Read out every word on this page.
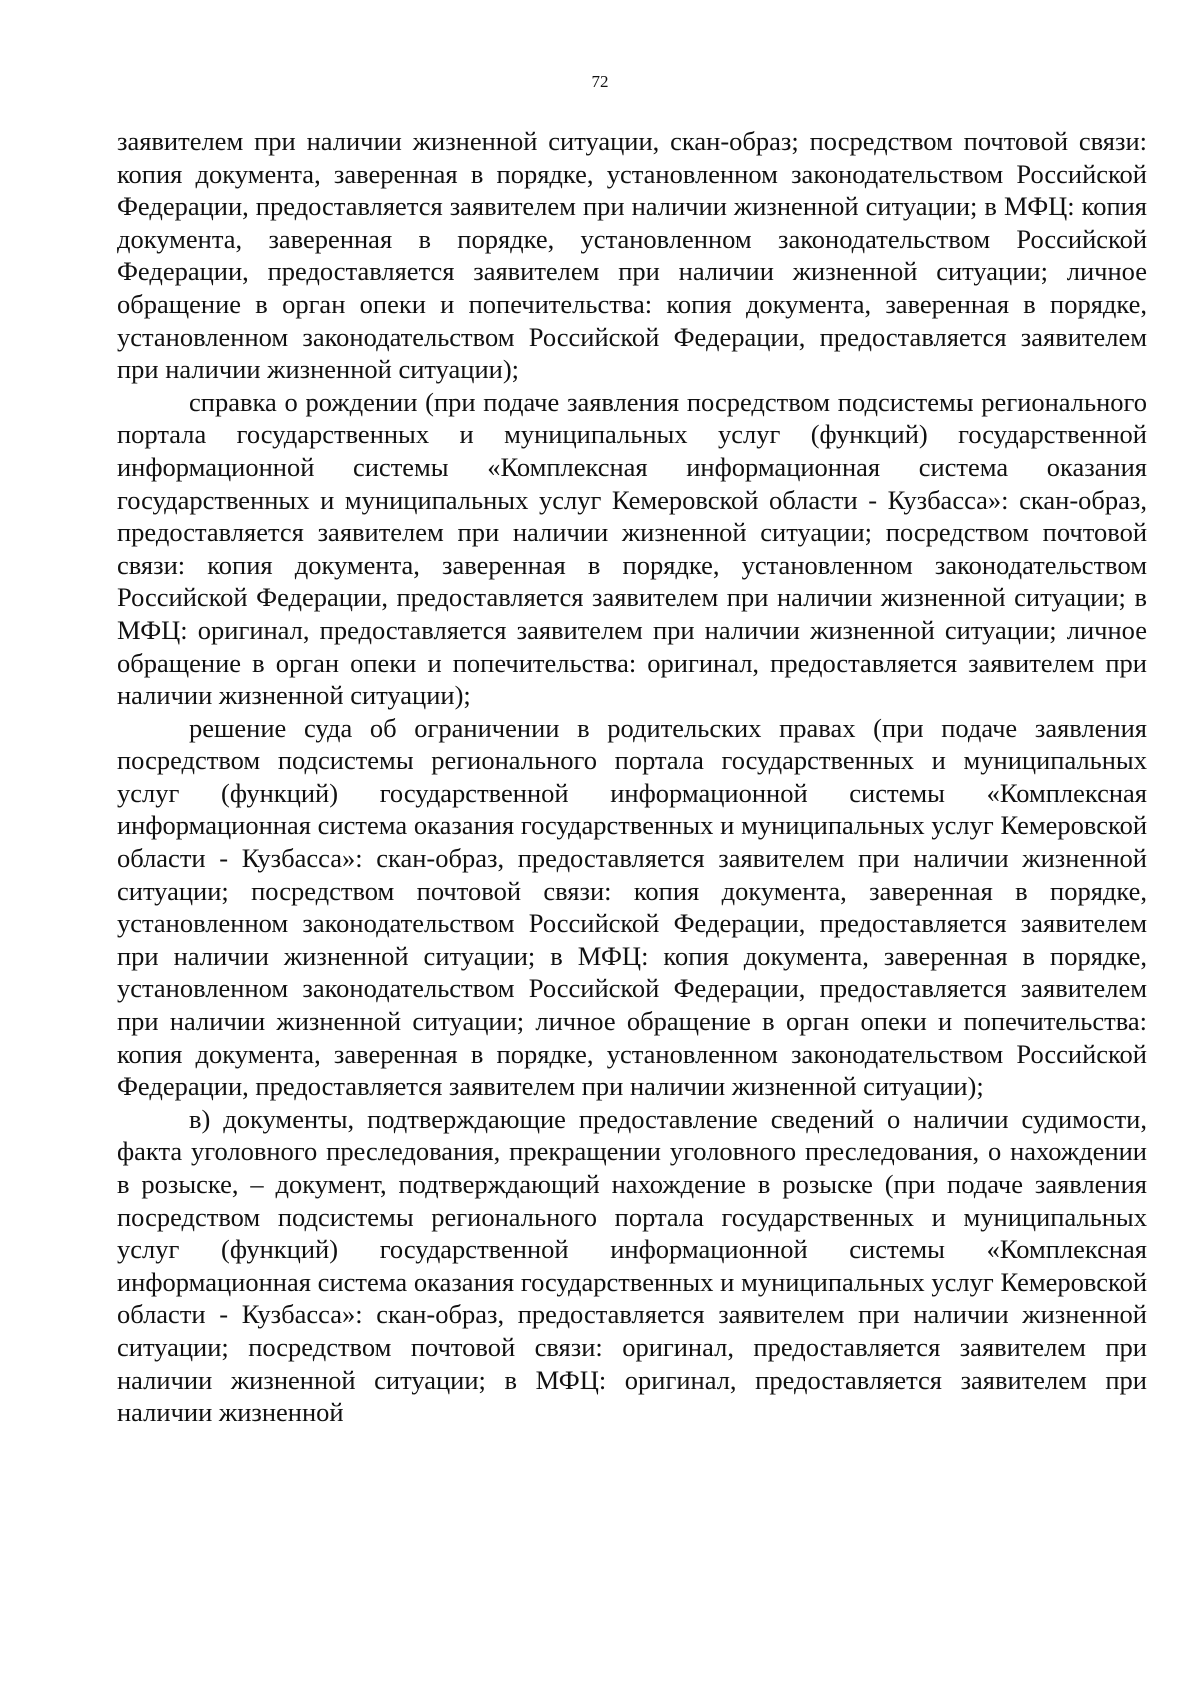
72

заявителем при наличии жизненной ситуации, скан-образ; посредством почтовой связи: копия документа, заверенная в порядке, установленном законодательством Российской Федерации, предоставляется заявителем при наличии жизненной ситуации; в МФЦ: копия документа, заверенная в порядке, установленном законодательством Российской Федерации, предоставляется заявителем при наличии жизненной ситуации; личное обращение в орган опеки и попечительства: копия документа, заверенная в порядке, установленном законодательством Российской Федерации, предоставляется заявителем при наличии жизненной ситуации);

справка о рождении (при подаче заявления посредством подсистемы регионального портала государственных и муниципальных услуг (функций) государственной информационной системы «Комплексная информационная система оказания государственных и муниципальных услуг Кемеровской области - Кузбасса»: скан-образ, предоставляется заявителем при наличии жизненной ситуации; посредством почтовой связи: копия документа, заверенная в порядке, установленном законодательством Российской Федерации, предоставляется заявителем при наличии жизненной ситуации; в МФЦ: оригинал, предоставляется заявителем при наличии жизненной ситуации; личное обращение в орган опеки и попечительства: оригинал, предоставляется заявителем при наличии жизненной ситуации);

решение суда об ограничении в родительских правах (при подаче заявления посредством подсистемы регионального портала государственных и муниципальных услуг (функций) государственной информационной системы «Комплексная информационная система оказания государственных и муниципальных услуг Кемеровской области - Кузбасса»: скан-образ, предоставляется заявителем при наличии жизненной ситуации; посредством почтовой связи: копия документа, заверенная в порядке, установленном законодательством Российской Федерации, предоставляется заявителем при наличии жизненной ситуации; в МФЦ: копия документа, заверенная в порядке, установленном законодательством Российской Федерации, предоставляется заявителем при наличии жизненной ситуации; личное обращение в орган опеки и попечительства: копия документа, заверенная в порядке, установленном законодательством Российской Федерации, предоставляется заявителем при наличии жизненной ситуации);

в) документы, подтверждающие предоставление сведений о наличии судимости, факта уголовного преследования, прекращении уголовного преследования, о нахождении в розыске, – документ, подтверждающий нахождение в розыске (при подаче заявления посредством подсистемы регионального портала государственных и муниципальных услуг (функций) государственной информационной системы «Комплексная информационная система оказания государственных и муниципальных услуг Кемеровской области - Кузбасса»: скан-образ, предоставляется заявителем при наличии жизненной ситуации; посредством почтовой связи: оригинал, предоставляется заявителем при наличии жизненной ситуации; в МФЦ: оригинал, предоставляется заявителем при наличии жизненной
